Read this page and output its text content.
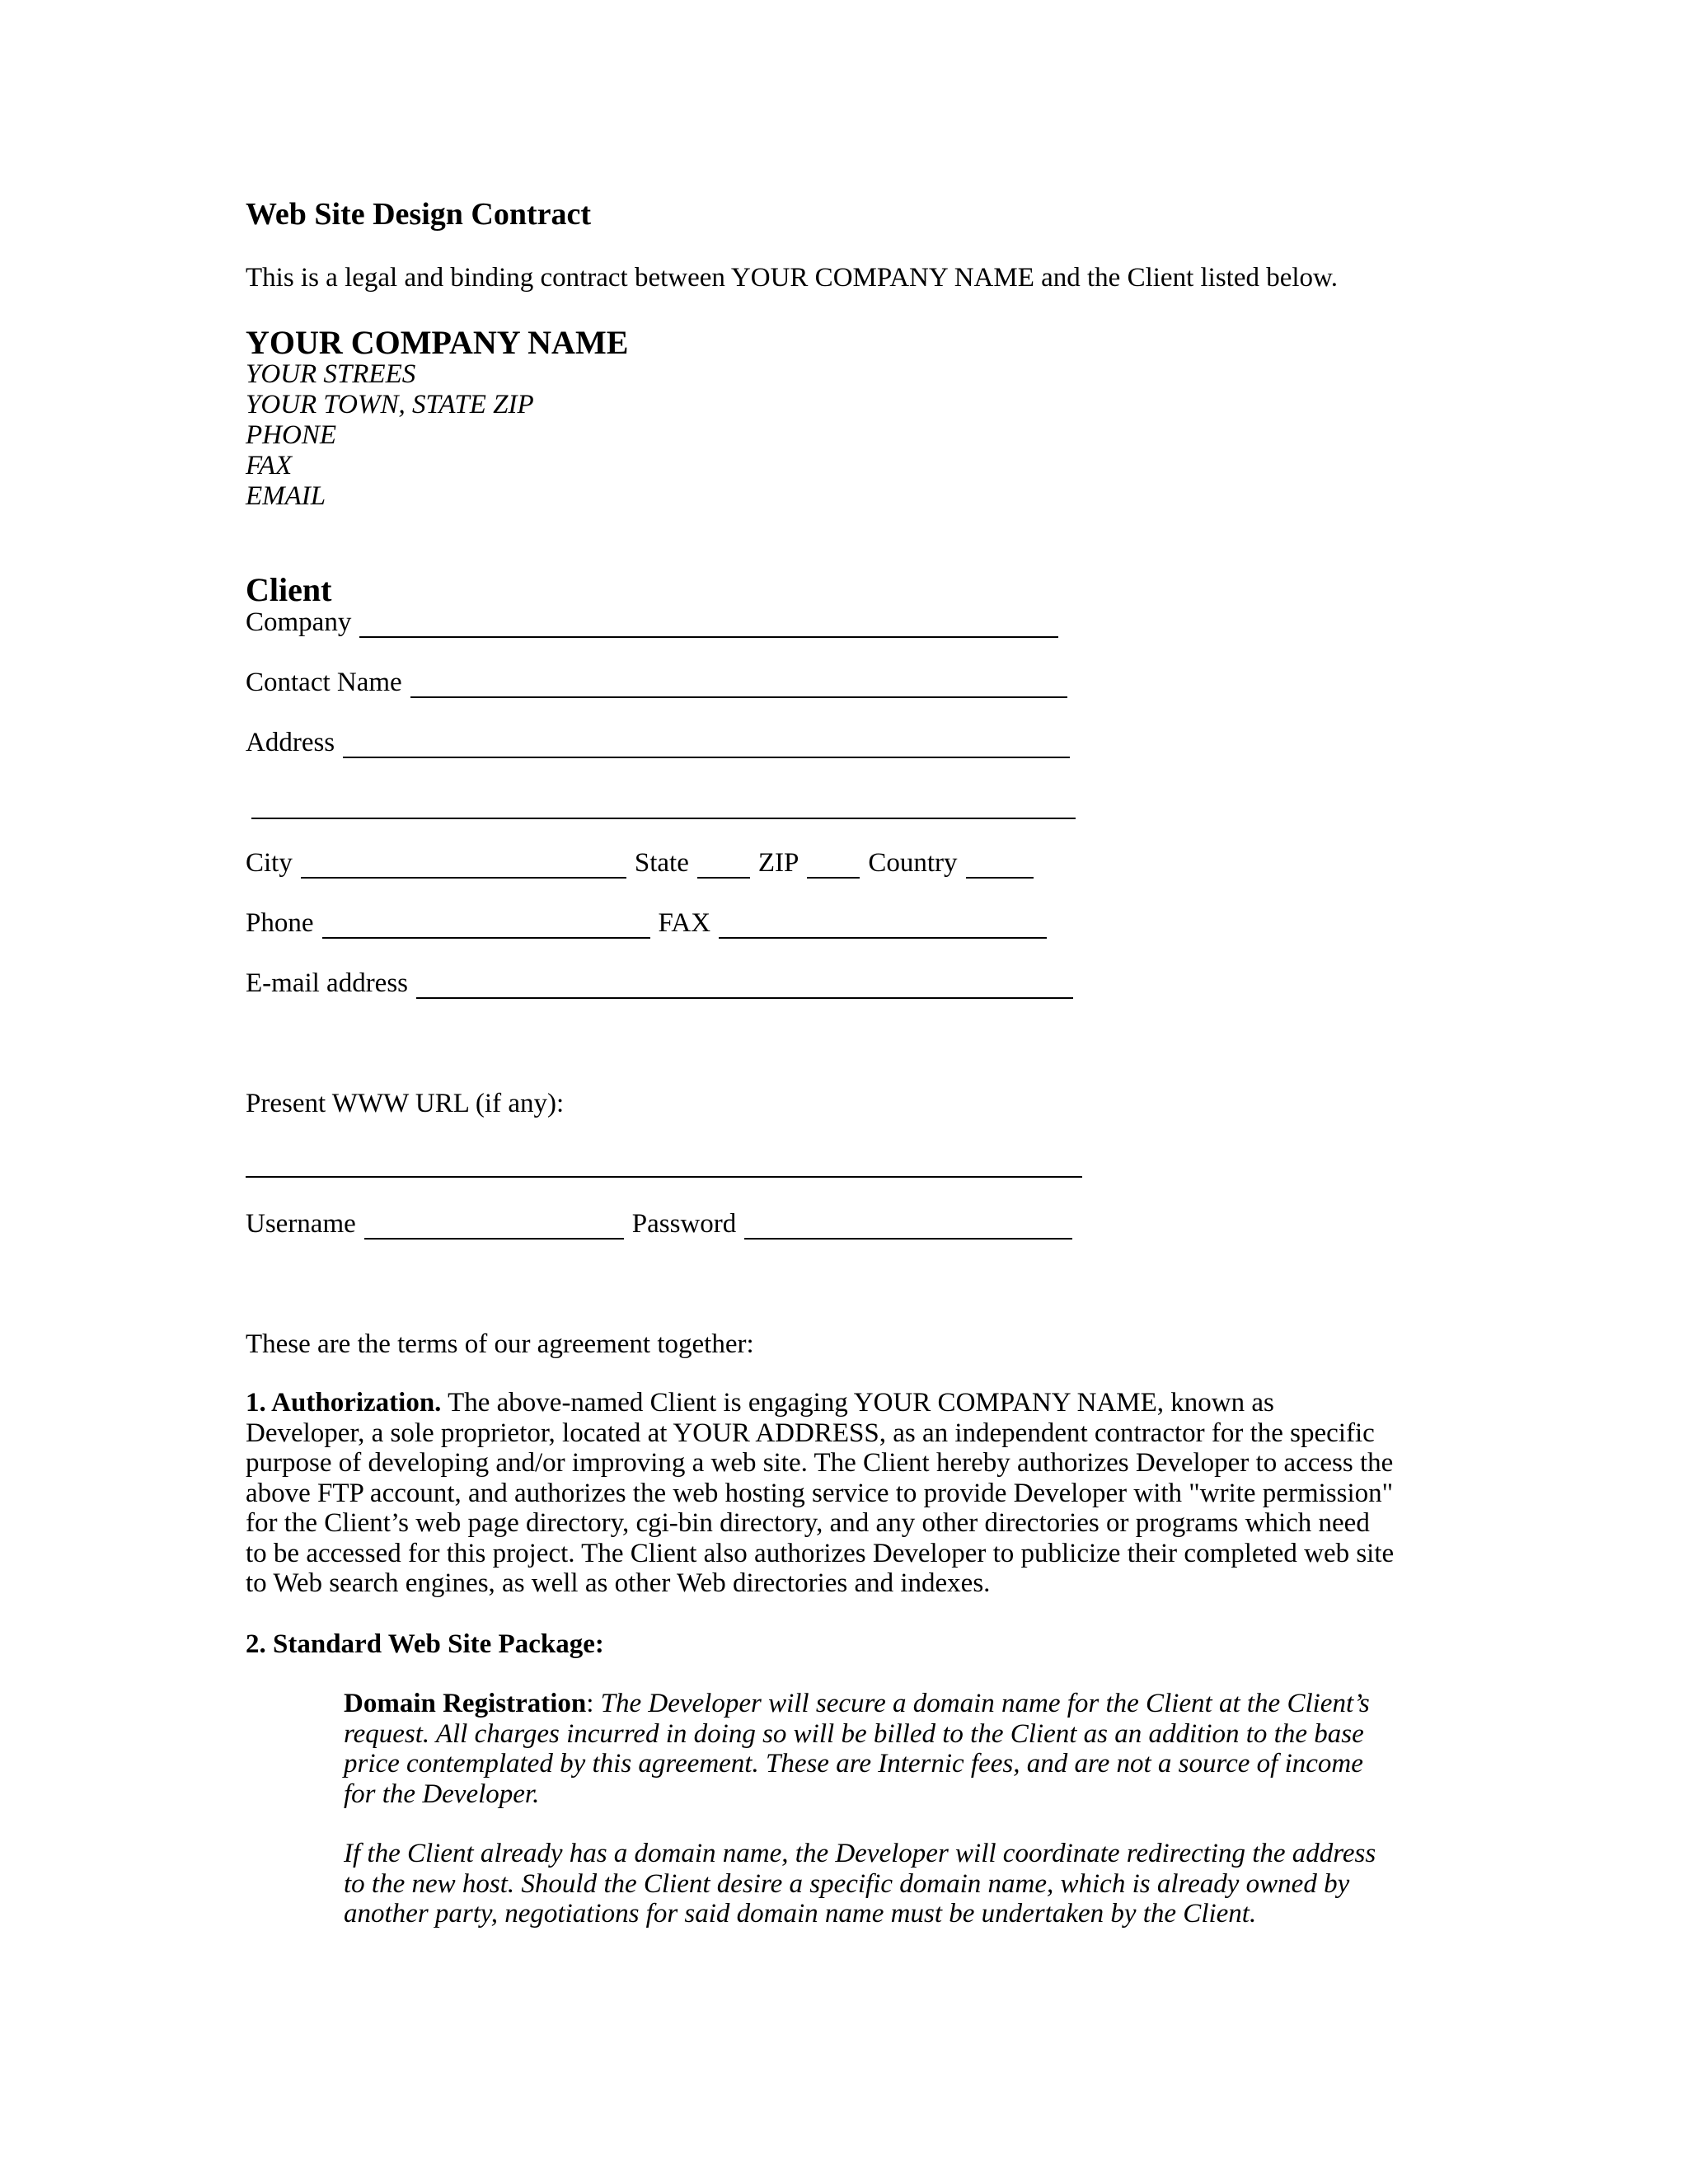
Web Site Design Contract
This is a legal and binding contract between YOUR COMPANY NAME and the Client listed below.
YOUR COMPANY NAME
YOUR STREES
YOUR TOWN, STATE ZIP
PHONE
FAX
EMAIL
Client
Company
Contact Name
Address
City	State	ZIP	Country
Phone	FAX
E-mail address
Present WWW URL (if any):
Username	Password
These are the terms of our agreement together:
1. Authorization. The above-named Client is engaging YOUR COMPANY NAME, known as
Developer, a sole proprietor, located at YOUR ADDRESS, as an independent contractor for the specific
purpose of developing and/or improving a web site. The Client hereby authorizes Developer to access the
above FTP account, and authorizes the web hosting service to provide Developer with "write permission"
for the Client’s web page directory, cgi-bin directory, and any other directories or programs which need
to be accessed for this project. The Client also authorizes Developer to publicize their completed web site
to Web search engines, as well as other Web directories and indexes.
2. Standard Web Site Package:
Domain Registration: The Developer will secure a domain name for the Client at the Client’s
request. All charges incurred in doing so will be billed to the Client as an addition to the base
price contemplated by this agreement. These are Internic fees, and are not a source of income
for the Developer.
If the Client already has a domain name, the Developer will coordinate redirecting the address
to the new host. Should the Client desire a specific domain name, which is already owned by
another party, negotiations for said domain name must be undertaken by the Client.
